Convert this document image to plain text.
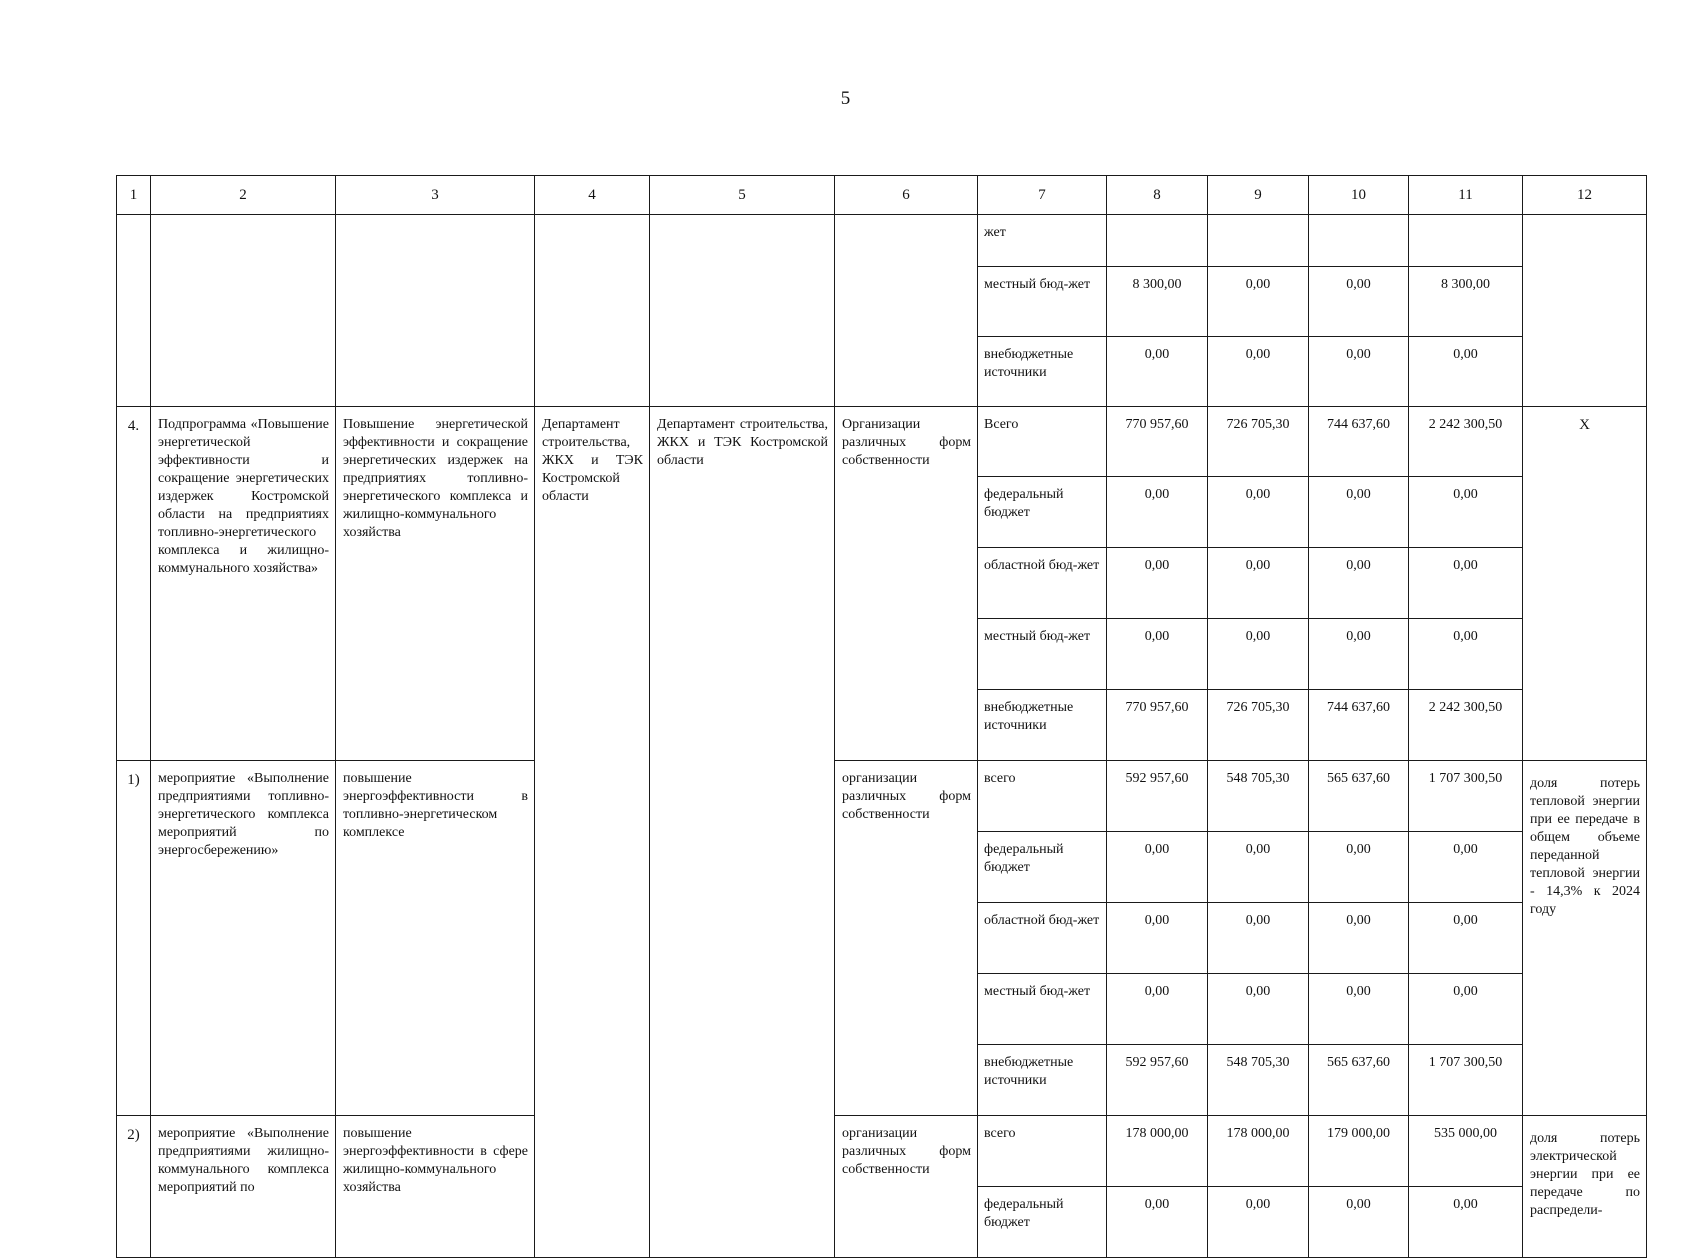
5
1	2	3	4	5	6	7	8	9	10	11	12
						жет					
						местный бюд-жет	8 300,00	0,00	0,00	8 300,00	
						внебюджетные источники	0,00	0,00	0,00	0,00	
4.	Подпрограмма «Повышение энергетической эффективности и сокращение энергетических издержек Костромской области на предприятиях топливно-энергетического комплекса и жилищно-коммунального хозяйства»	Повышение энергетической эффективности и сокращение энергетических издержек на предприятиях топливно-энергетического комплекса и жилищно-коммунального хозяйства	Департамент строительства, ЖКХ и ТЭК Костромской области	Департамент строительства, ЖКХ и ТЭК Костромской области	Организации различных форм собственности	Всего	770 957,60	726 705,30	744 637,60	2 242 300,50	Х
						федеральный бюджет	0,00	0,00	0,00	0,00	
						областной бюд-жет	0,00	0,00	0,00	0,00	
						местный бюд-жет	0,00	0,00	0,00	0,00	
						внебюджетные источники	770 957,60	726 705,30	744 637,60	2 242 300,50	
1)	мероприятие «Выполнение предприятиями топливно-энергетического комплекса мероприятий по энергосбережению»	повышение энергоэффективности в топливно-энергетическом комплексе			организации различных форм собственности	всего	592 957,60	548 705,30	565 637,60	1 707 300,50	доля потерь тепловой энергии при ее передаче в общем объеме переданной тепловой энергии - 14,3% к 2024 году
						федеральный бюджет	0,00	0,00	0,00	0,00	
						областной бюд-жет	0,00	0,00	0,00	0,00	
						местный бюд-жет	0,00	0,00	0,00	0,00	
						внебюджетные источники	592 957,60	548 705,30	565 637,60	1 707 300,50	
2)	мероприятие «Выполнение предприятиями жилищно-коммунального комплекса мероприятий по	повышение энергоэффективности в сфере жилищно-коммунального хозяйства			организации различных форм собственности	всего	178 000,00	178 000,00	179 000,00	535 000,00	доля потерь электрической энергии при ее передаче по распредели-
						федеральный бюджет	0,00	0,00	0,00	0,00	
